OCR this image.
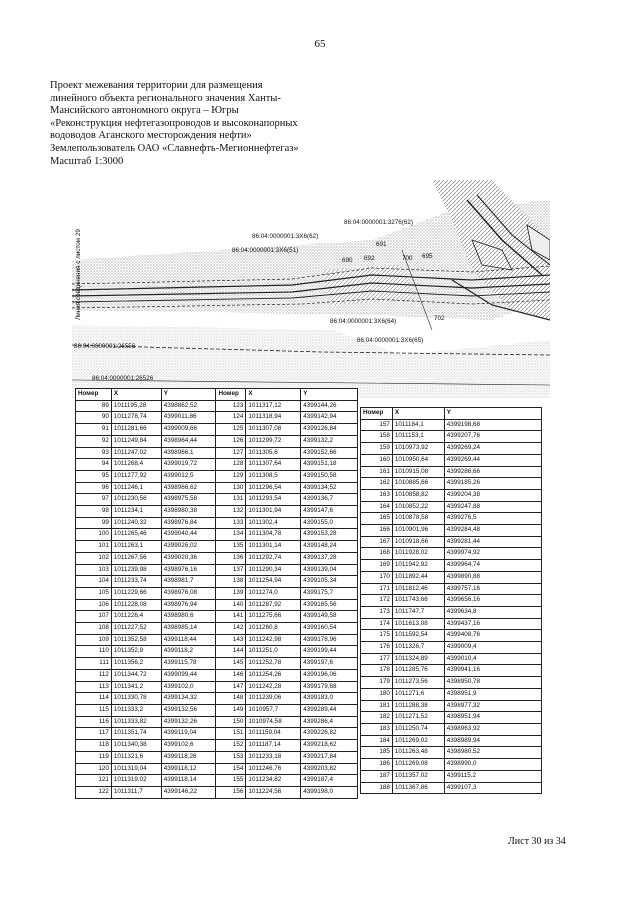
65
Проект межевания территории для размещения
линейного объекта регионального значения Ханты-
Мансийского автономного округа – Югры
«Реконструкция нефтегазопроводов и высоконапорных
водоводов Аганского месторождения нефти»
Землепользователь ОАО «Славнефть-Мегионнефтегаз»
Масштаб 1:3000
Линия соединения с листом 29
86:04:0000001:3276(62)
86:04:0000001:3X6(62)
86:04:0000001:3X6(51)
86:04:0000001:3X6(64)
86:04:0000001:3X6(65)
86:04:0000001:26556
86:04:0000001:26526
692
691
700
702
690
695
Номер	X	Y	Номер	X	Y
89	1011195,28	4398862,52	123	1011317,12	4399144,26
90	1011278,74	4399011,86	124	1011318,94	4399142,94
91	1011281,66	4399009,66	125	1011307,08	4399126,84
92	1011249,84	4398964,44	126	1011299,72	4399132,2
93	1011247,02	4398966,1	127	1011305,6	4399152,66
94	1011268,4	4399019,72	128	1011307,64	4399151,18
95	1011277,92	4399012,5	129	1011308,5	4399150,58
96	1011246,1	4398966,62	130	1011296,54	4399134,52
97	1011230,56	4398975,58	131	1011293,54	4399136,7
98	1011234,1	4398980,38	132	1011301,94	4399147,6
99	1011240,32	4398976,84	133	1011302,4	4399155,0
100	1011265,46	4399040,44	134	1011304,78	4399153,28
101	1011263,1	4399026,02	135	1011301,14	4399148,24
102	1011267,56	4399020,36	136	1011292,74	4399137,28
103	1011239,98	4398976,16	137	1011290,34	4399139,04
104	1011233,74	4398981,7	138	1011254,94	4399105,34
105	1011229,66	4398976,08	139	1011274,0	4399175,7
106	1011228,08	4398976,94	140	1011287,92	4399165,56
107	1011226,4	4398980,6	141	1011275,66	4399149,58
108	1011227,52	4398985,14	142	1011260,8	4399160,54
109	1011352,58	4399118,44	143	1011242,98	4399178,96
110	1011352,9	4399118,2	144	1011251,0	4399199,44
111	1011356,2	4399115,78	145	1011252,78	4399197,6
112	1011344,72	4399099,44	146	1011254,26	4399196,06
113	1011341,2	4399102,0	147	1011242,28	4399179,68
114	1011330,78	4399134,32	148	1011239,06	4399183,0
115	1011333,2	4399132,56	149	1010957,7	4399289,44
116	1011333,82	4399132,26	150	1010974,58	4399286,4
117	1011351,74	4399119,04	151	1011159,04	4399226,82
118	1011340,38	4399102,6	152	1011187,14	4399218,62
119	1011321,6	4399118,26	153	1011233,18	4399217,84
120	1011319,04	4399118,12	154	1011246,76	4399203,82
121	1011319,02	4399118,14	155	1011234,82	4399187,4
122	1011311,7	4399146,22	156	1011224,56	4399198,0
Номер	X	Y
157	1011184,1	4399198,68
158	1011153,1	4399207,76
159	1010973,92	4399269,24
160	1010950,64	4399269,44
161	1010915,08	4399286,66
162	1010885,66	4399185,26
163	1010858,82	4399204,38
164	1010852,22	4399247,88
165	1010878,58	4399276,5
166	1010901,96	4399284,48
167	1010918,66	4399281,44
168	1011928,02	4399974,92
169	1011942,92	4399964,74
170	1011892,44	4399890,88
171	1011812,46	4399757,16
172	1011743,66	4399656,16
173	1011747,7	4399634,8
174	1011613,08	4399437,16
175	1011592,54	4399408,76
176	1011326,7	4399009,4
177	1011324,89	4399010,4
178	1011285,76	4399941,16
179	1011273,56	4398950,78
180	1011271,6	4398951,9
181	1011288,38	4398977,32
182	1011271,52	4398951,94
183	1011250,74	4398963,92
184	1011269,02	4398989,94
185	1011263,48	4398980,52
186	1011269,08	4398990,0
187	1011357,02	4399115,2
188	1011367,86	4399107,3
Лист 30 из 34
